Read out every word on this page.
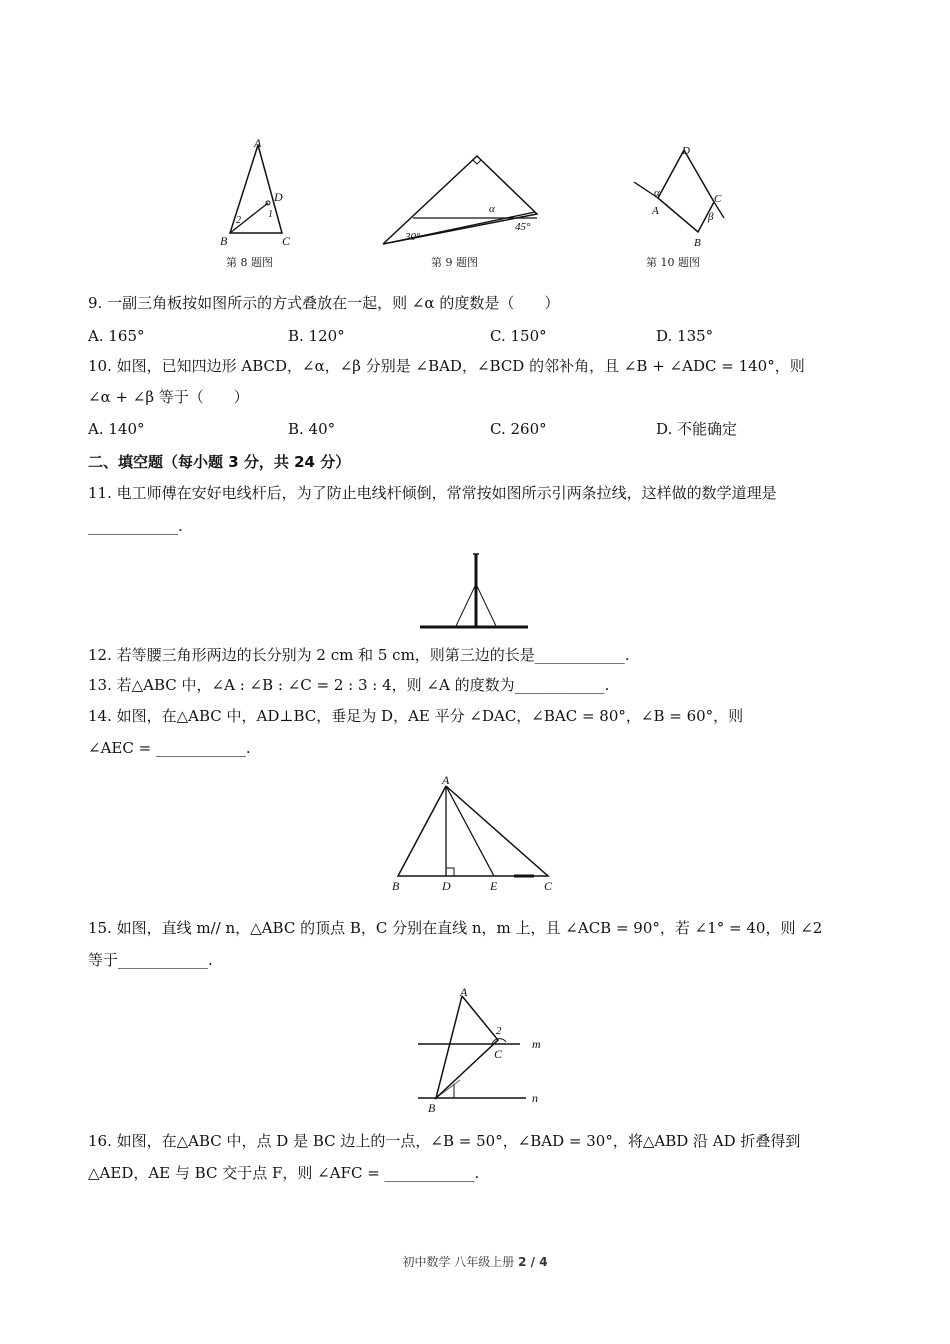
A
B	C
D
1
2
第 8 题图
30°
45°
α
第 9 题图
D
A
B
C
α
β
第 10 题图
9. 一副三角板按如图所示的方式叠放在一起，则 ∠α 的度数是（　　）
A. 165°	B. 120°	C. 150°	D. 135°
10. 如图，已知四边形 ABCD，∠α，∠β 分别是 ∠BAD，∠BCD 的邻补角，且 ∠B + ∠ADC = 140°，则
∠α + ∠β 等于（　　）
A. 140°	B. 40°	C. 260°	D. 不能确定
二、填空题（每小题 3 分，共 24 分）
11. 电工师傅在安好电线杆后，为了防止电线杆倾倒，常常按如图所示引两条拉线，这样做的数学道理是
____________.
12. 若等腰三角形两边的长分别为 2 cm 和 5 cm，则第三边的长是____________.
13. 若△ABC 中，∠A : ∠B : ∠C = 2 : 3 : 4，则 ∠A 的度数为____________.
14. 如图，在△ABC 中，AD⊥BC，垂足为 D，AE 平分 ∠DAC，∠BAC = 80°，∠B = 60°，则
∠AEC = ____________.
A
B	D	E	C
15. 如图，直线 m// n，△ABC 的顶点 B，C 分别在直线 n，m 上，且 ∠ACB = 90°，若 ∠1° = 40，则 ∠2
等于____________.
A
B
C
2
m
n
16. 如图，在△ABC 中，点 D 是 BC 边上的一点，∠B = 50°，∠BAD = 30°，将△ABD 沿 AD 折叠得到
△AED，AE 与 BC 交于点 F，则 ∠AFC = ____________.
初中数学 八年级上册 2 / 4
